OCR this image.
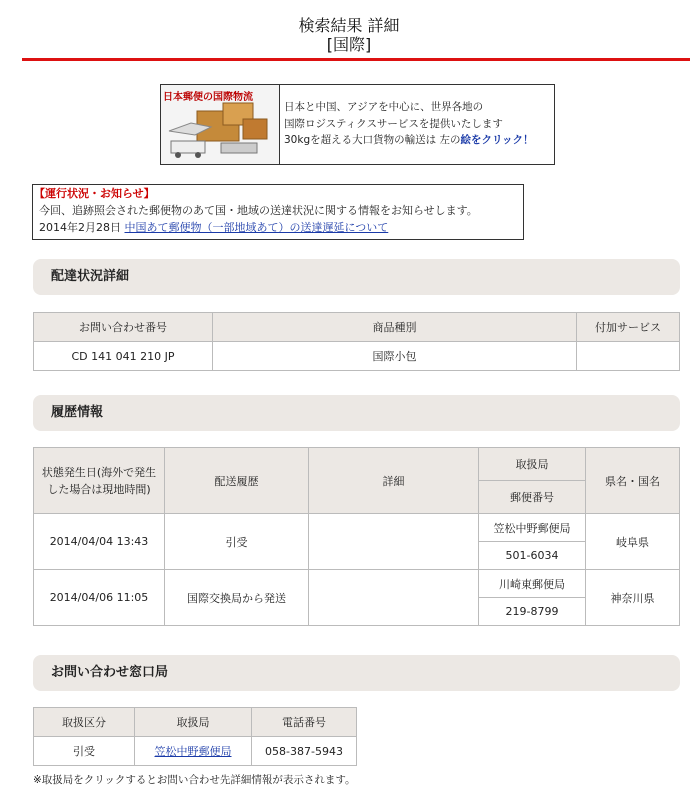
検索結果 詳細
[国際]
日本郵便の国際物流
日本と中国、アジアを中心に、世界各地の
国際ロジスティクスサービスを提供いたします
30kgを超える大口貨物の輸送は 左の絵をクリック！
【運行状況・お知らせ】
今回、追跡照会された郵便物のあて国・地域の送達状況に関する情報をお知らせします。
2014年2月28日 中国あて郵便物（一部地域あて）の送達遅延について
配達状況詳細
お問い合わせ番号	商品種別	付加サービス
CD 141 041 210 JP	国際小包	
履歴情報
状態発生日(海外で発生した場合は現地時間)	配送履歴	詳細	取扱局	県名・国名
			郵便番号	
2014/04/04 13:43	引受		笠松中野郵便局	岐阜県
			501-6034	
2014/04/06 11:05	国際交換局から発送		川崎東郵便局	神奈川県
			219-8799	
お問い合わせ窓口局
取扱区分	取扱局	電話番号
引受	笠松中野郵便局	058-387-5943
※取扱局をクリックするとお問い合わせ先詳細情報が表示されます。
